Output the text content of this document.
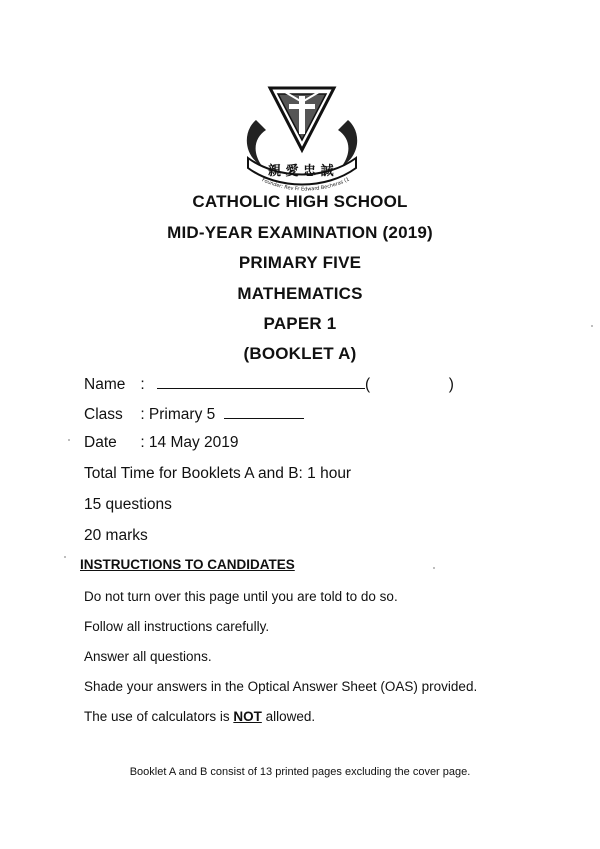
親 愛 忠 誠
Founder: Rev Fr Edward Becheras (1
CATHOLIC HIGH SCHOOL
MID-YEAR EXAMINATION (2019)
PRIMARY FIVE
MATHEMATICS
PAPER 1
(BOOKLET A)
Name :	(	)
Class : Primary 5
Date : 14 May 2019
Total Time for Booklets A and B: 1 hour
15 questions
20 marks
INSTRUCTIONS TO CANDIDATES
Do not turn over this page until you are told to do so.
Follow all instructions carefully.
Answer all questions.
Shade your answers in the Optical Answer Sheet (OAS) provided.
The use of calculators is NOT allowed.
Booklet A and B consist of 13 printed pages excluding the cover page.
